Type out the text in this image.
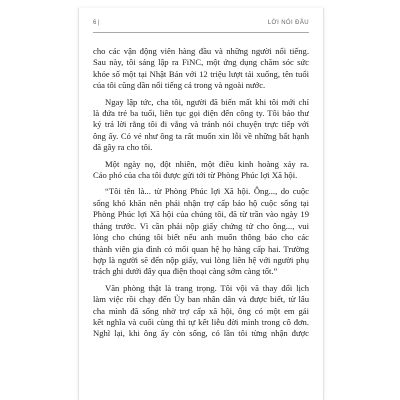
6 |	LỜI NÓI ĐẦU

cho các vận động viên hàng đầu và những người nổi tiếng.
Sau này, tôi sáng lập ra FiNC, một ứng dụng chăm sóc sức
khỏe số một tại Nhật Bản với 12 triệu lượt tải xuống, tên tuổi
của tôi cũng dần nổi tiếng cả trong và ngoài nước.

Ngay lập tức, cha tôi, người đã biến mất khi tôi mới chỉ
là đứa trẻ ba tuổi, liên tục gọi điện đến công ty. Tôi bảo thư
ký trả lời rằng tôi đi vắng và tránh nói chuyện trực tiếp với
ông ấy. Có vẻ như ông ta rất muốn xin lỗi về những bất hạnh
đã gây ra cho tôi.

Một ngày nọ, đột nhiên, một điều kinh hoàng xảy ra.
Cáo phó của cha tôi được gửi tới từ Phòng Phúc lợi Xã hội.

“Tôi tên là... từ Phòng Phúc lợi Xã hội. Ông..., do cuộc
sống khó khăn nên phải nhận trợ cấp bảo hộ cuộc sống tại
Phòng Phúc lợi Xã hội của chúng tôi, đã từ trần vào ngày 19
tháng trước. Vì cần phải nộp giấy chứng tử cho ông..., vui
lòng cho chúng tôi biết nếu anh muốn thông báo cho các
thành viên gia đình có mối quan hệ họ hàng cấp hai. Trường
hợp là người sẽ đến nộp giấy, vui lòng liên hệ với người phụ
trách ghi dưới đây qua điện thoại càng sớm càng tốt.”

Văn phòng thật là trang trọng. Tôi vội vã thay đổi lịch
làm việc rồi chạy đến Ủy ban nhân dân và được biết, từ lâu
cha mình đã sống nhờ trợ cấp xã hội, ông có một em gái
kết nghĩa và cuối cùng thì tự kết liễu đời mình trong cô đơn.
Nghĩ lại, khi ông ấy còn sống, có lần tôi từng nhận được
